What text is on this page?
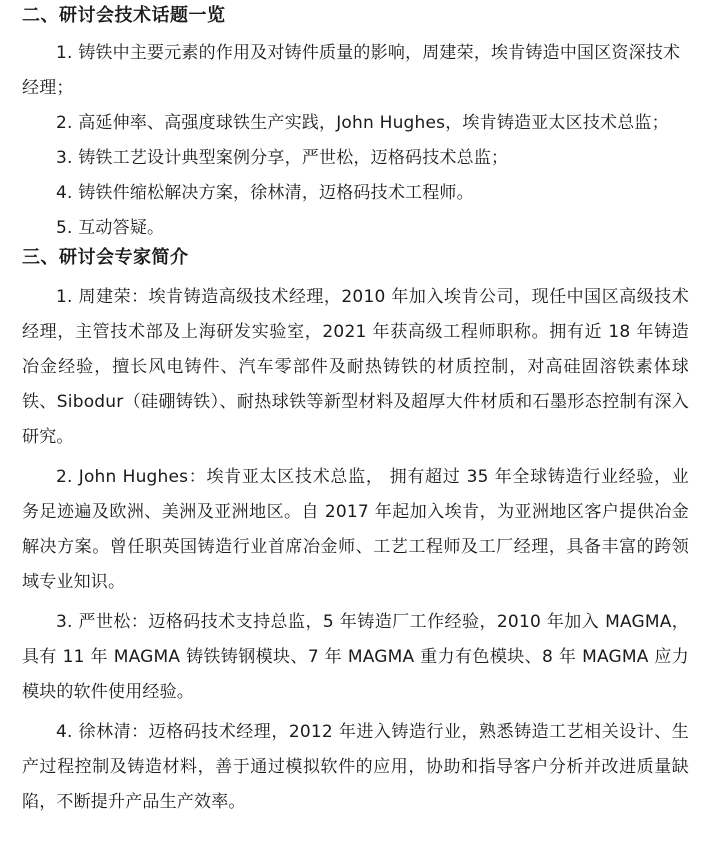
二、研讨会技术话题一览
1. 铸铁中主要元素的作用及对铸件质量的影响，周建荣，埃肯铸造中国区资深技术经理；
2. 高延伸率、高强度球铁生产实践，John Hughes，埃肯铸造亚太区技术总监；
3. 铸铁工艺设计典型案例分享，严世松，迈格码技术总监；
4. 铸铁件缩松解决方案，徐林清，迈格码技术工程师。
5. 互动答疑。
三、研讨会专家简介

1. 周建荣：埃肯铸造高级技术经理，2010 年加入埃肯公司，现任中国区高级技术经理，主管技术部及上海研发实验室，2021 年获高级工程师职称。拥有近 18 年铸造冶金经验，擅长风电铸件、汽车零部件及耐热铸铁的材质控制，对高硅固溶铁素体球铁、Sibodur（硅硼铸铁）、耐热球铁等新型材料及超厚大件材质和石墨形态控制有深入研究。

2. John Hughes：埃肯亚太区技术总监， 拥有超过 35 年全球铸造行业经验，业务足迹遍及欧洲、美洲及亚洲地区。自 2017 年起加入埃肯，为亚洲地区客户提供冶金解决方案。曾任职英国铸造行业首席冶金师、工艺工程师及工厂经理，具备丰富的跨领域专业知识。

3. 严世松：迈格码技术支持总监，5 年铸造厂工作经验，2010 年加入 MAGMA，具有 11 年 MAGMA 铸铁铸钢模块、7 年 MAGMA 重力有色模块、8 年 MAGMA 应力模块的软件使用经验。

4. 徐林清：迈格码技术经理，2012 年进入铸造行业，熟悉铸造工艺相关设计、生产过程控制及铸造材料，善于通过模拟软件的应用，协助和指导客户分析并改进质量缺陷，不断提升产品生产效率。
